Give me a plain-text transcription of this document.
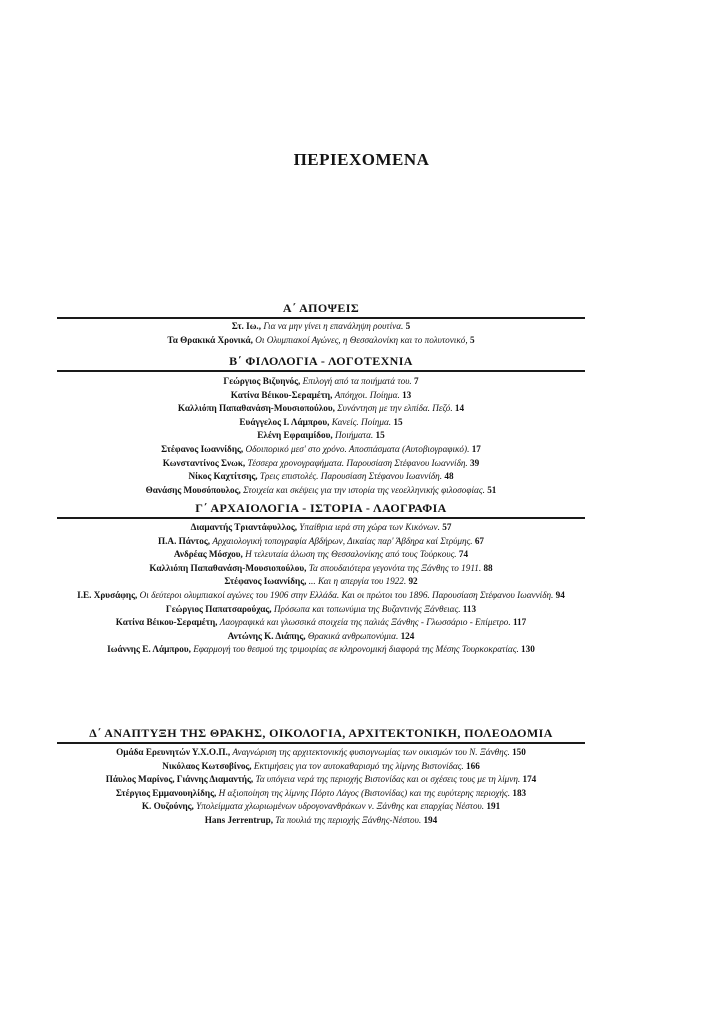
ΠΕΡΙΕΧΟΜΕΝΑ
Α΄ ΑΠΟΨΕΙΣ
Στ. Ιω., Για να μην γίνει η επανάληψη ρουτίνα. 5
Τα Θρακικά Χρονικά, Οι Ολυμπιακοί Αγώνες, η Θεσσαλονίκη και το πολυτονικό, 5
Β΄ ΦΙΛΟΛΟΓΙΑ - ΛΟΓΟΤΕΧΝΙΑ
Γεώργιος Βιζυηνός, Επιλογή από τα ποιήματά του. 7
Κατίνα Βέικου-Σεραμέτη, Απόηχοι. Ποίημα. 13
Καλλιόπη Παπαθανάση-Μουσιοπούλου, Συνάντηση με την ελπίδα. Πεζό. 14
Ευάγγελος Ι. Λάμπρου, Κανείς. Ποίημα. 15
Ελένη Εφραιμίδου, Ποιήματα. 15
Στέφανος Ιωαννίδης, Οδοιπορικό μεσ' στο χρόνο. Αποσπάσματα (Αυτοβιογραφικό). 17
Κωνσταντίνος Σνωκ, Τέσσερα χρονογραφήματα. Παρουσίαση Στέφανου Ιωαννίδη. 39
Νίκος Καχτίτσης, Τρεις επιστολές. Παρουσίαση Στέφανου Ιωαννίδη. 48
Θανάσης Μουσόπουλος, Στοιχεία και σκέψεις για την ιστορία της νεοελληνικής φιλοσοφίας. 51
Γ΄ ΑΡΧΑΙΟΛΟΓΙΑ - ΙΣΤΟΡΙΑ - ΛΑΟΓΡΑΦΙΑ
Διαμαντής Τριαντάφυλλος, Υπαίθρια ιερά στη χώρα των Κικόνων. 57
Π.Α. Πάντος, Αρχαιολογική τοπογραφία Αβδήρων, Δικαίας παρ' Άβδηρα καί Στρύμης. 67
Ανδρέας Μόσχου, Η τελευταία άλωση της Θεσσαλονίκης από τους Τούρκους. 74
Καλλιόπη Παπαθανάση-Μουσιοπούλου, Τα σπουδαιότερα γεγονότα της Ξάνθης το 1911. 88
Στέφανος Ιωαννίδης, ... Και η απεργία του 1922. 92
Ι.Ε. Χρυσάφης, Οι δεύτεροι ολυμπιακοί αγώνες του 1906 στην Ελλάδα. Και οι πρώτοι του 1896. Παρουσίαση Στέφανου Ιωαννίδη. 94
Γεώργιος Παπατσαρούχας, Πρόσωπα και τοπωνύμια της Βυζαντινής Ξάνθειας. 113
Κατίνα Βέικου-Σεραμέτη, Λαογραφικά και γλωσσικά στοιχεία της παλιάς Ξάνθης - Γλωσσάριο - Επίμετρο. 117
Αντώνης Κ. Διάπης, Θρακικά ανθρωπονύμια. 124
Ιωάννης Ε. Λάμπρου, Εφαρμογή του θεσμού της τριμοιρίας σε κληρονομική διαφορά της Μέσης Τουρκοκρατίας. 130
Δ΄ ΑΝΑΠΤΥΞΗ ΤΗΣ ΘΡΑΚΗΣ, ΟΙΚΟΛΟΓΙΑ, ΑΡΧΙΤΕΚΤΟΝΙΚΗ, ΠΟΛΕΟΔΟΜΙΑ
Ομάδα Ερευνητών Υ.Χ.Ο.Π., Αναγνώριση της αρχιτεκτονικής φυσιογνωμίας των οικισμών του Ν. Ξάνθης. 150
Νικόλαος Κωτσοβίνος, Εκτιμήσεις για τον αυτοκαθαρισμό της λίμνης Βιστονίδας. 166
Πάυλος Μαρίνος, Γιάννης Διαμαντής, Τα υπόγεια νερά της περιοχής Βιστονίδας και οι σχέσεις τους με τη λίμνη. 174
Στέργιος Εμμανουηλίδης, Η αξιοποίηση της λίμνης Πόρτο Λάγος (Βιστονίδας) και της ευρύτερης περιοχής. 183
Κ. Ουζούνης, Υπολείμματα χλωριωμένων υδρογονανθράκων ν. Ξάνθης και επαρχίας Νέστου. 191
Hans Jerrentrup, Τα πουλιά της περιοχής Ξάνθης-Νέστου. 194
